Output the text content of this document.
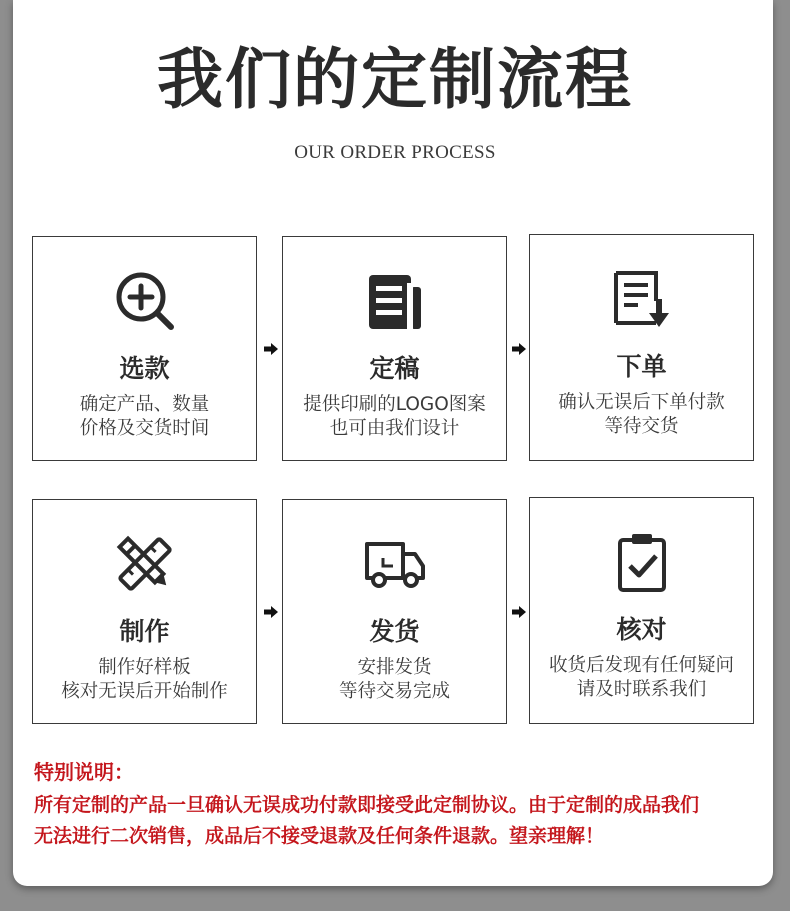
我们的定制流程
OUR ORDER PROCESS
选款
确定产品、数量
价格及交货时间
定稿
提供印刷的LOGO图案
也可由我们设计
下单
确认无误后下单付款
等待交货
制作
制作好样板
核对无误后开始制作
发货
安排发货
等待交易完成
核对
收货后发现有任何疑问
请及时联系我们
特别说明：
所有定制的产品一旦确认无误成功付款即接受此定制协议。由于定制的成品我们
无法进行二次销售，成品后不接受退款及任何条件退款。望亲理解！
